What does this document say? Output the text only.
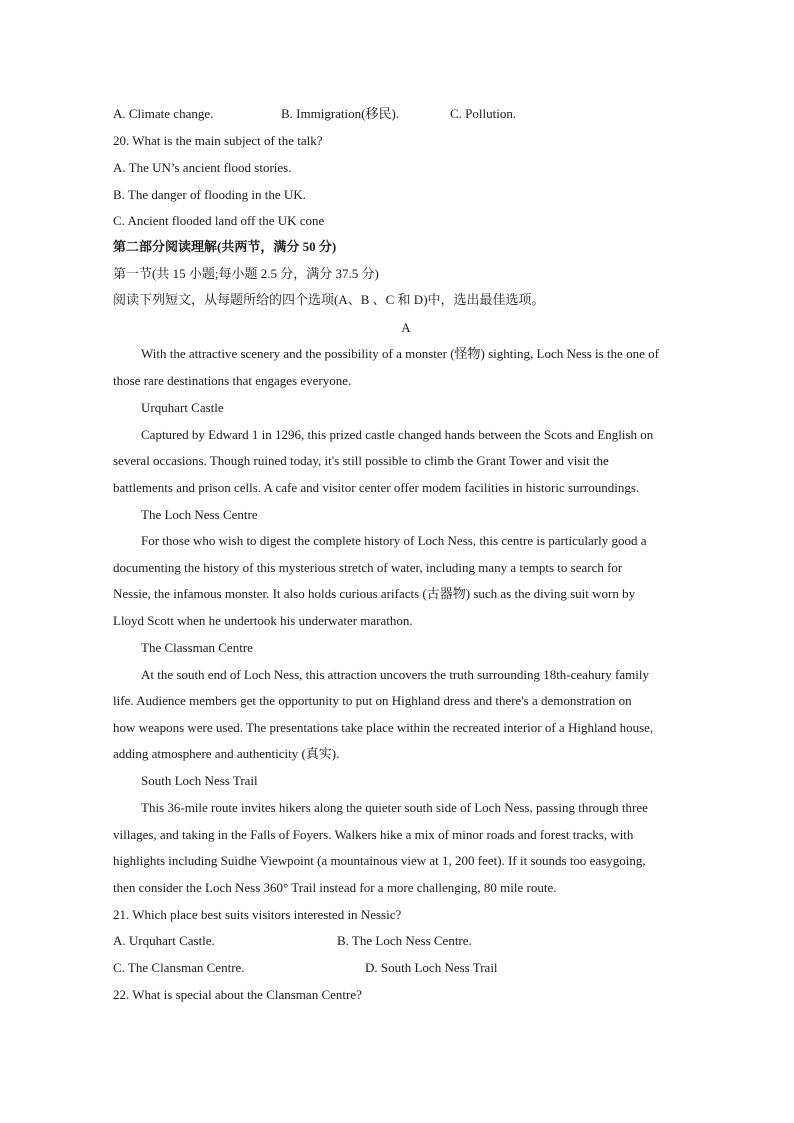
A. Climate change.	B. Immigration(移民).	C. Pollution.
20. What is the main subject of the talk?
A. The UN’s ancient flood stories.
B. The danger of flooding in the UK.
C. Ancient flooded land off the UK cone
第二部分阅读理解(共两节，满分 50 分)
第一节(共 15 小题;每小题 2.5 分，满分 37.5 分)
阅读下列短文，从每题所给的四个选项(A、B 、C 和 D)中，选出最佳选项。
A
With the attractive scenery and the possibility of a monster (怪物) sighting, Loch Ness is the one of
those rare destinations that engages everyone.
Urquhart Castle
Captured by Edward 1 in 1296, this prized castle changed hands between the Scots and English on
several occasions. Though ruined today, it's still possible to climb the Grant Tower and visit the
battlements and prison cells. A cafe and visitor center offer modem facilities in historic surroundings.
The Loch Ness Centre
For those who wish to digest the complete history of Loch Ness, this centre is particularly good a
documenting the history of this mysterious stretch of water, including many a tempts to search for
Nessie, the infamous monster. It also holds curious arifacts (古器物) such as the diving suit worn by
Lloyd Scott when he undertook his underwater marathon.
The Classman Centre
At the south end of Loch Ness, this attraction uncovers the truth surrounding 18th-ceahury family
life. Audience members get the opportunity to put on Highland dress and there's a demonstration on
how weapons were used. The presentations take place within the recreated interior of a Highland house,
adding atmosphere and authenticity (真实).
South Loch Ness Trail
This 36-mile route invites hikers along the quieter south side of Loch Ness, passing through three
villages, and taking in the Falls of Foyers. Walkers hike a mix of minor roads and forest tracks, with
highlights including Suidhe Viewpoint (a mountainous view at 1, 200 feet). If it sounds too easygoing,
then consider the Loch Ness 360° Trail instead for a more challenging, 80 mile route.
21. Which place best suits visitors interested in Nessic?
A. Urquhart Castle.	B. The Loch Ness Centre.
C. The Clansman Centre.	D. South Loch Ness Trail
22. What is special about the Clansman Centre?
